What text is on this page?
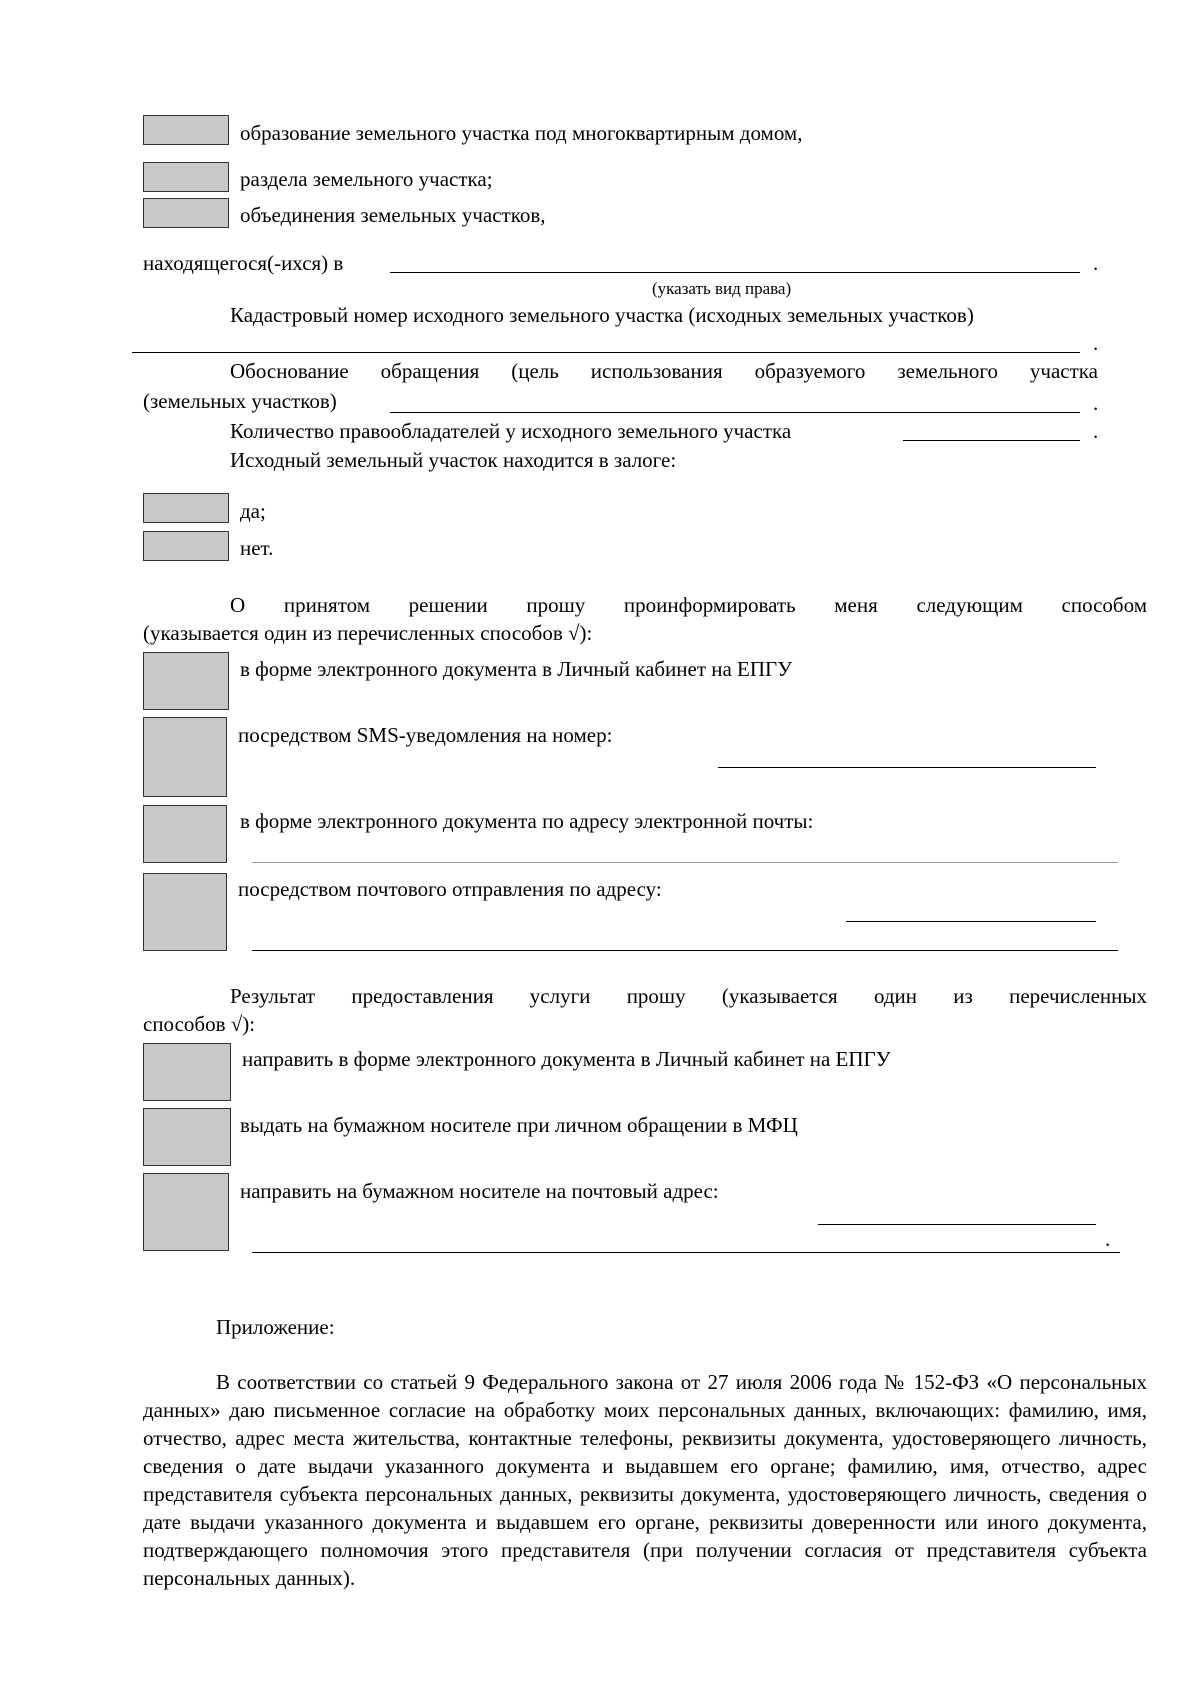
образование земельного участка под многоквартирным домом,
раздела земельного участка;
объединения земельных участков,
находящегося(-ихся) в	.
(указать вид права)
Кадастровый номер исходного земельного участка (исходных земельных участков)
.
Обоснование обращения (цель использования образуемого земельного участка
(земельных участков)	.
Количество правообладателей у исходного земельного участка	.
Исходный земельный участок находится в залоге:
да;
нет.
О принятом решении прошу проинформировать меня следующим способом
(указывается один из перечисленных способов √):
в форме электронного документа в Личный кабинет на ЕПГУ
посредством SMS-уведомления на номер:
в форме электронного документа по адресу электронной почты:
посредством почтового отправления по адресу:
Результат предоставления услуги прошу (указывается один из перечисленных
способов √):
направить в форме электронного документа в Личный кабинет на ЕПГУ
выдать на бумажном носителе при личном обращении в МФЦ
направить на бумажном носителе на почтовый адрес:
.
Приложение:
В соответствии со статьей 9 Федерального закона от 27 июля 2006 года № 152-ФЗ «О персональных данных» даю письменное согласие на обработку моих персональных данных, включающих: фамилию, имя, отчество, адрес места жительства, контактные телефоны, реквизиты документа, удостоверяющего личность, сведения о дате выдачи указанного документа и выдавшем его органе; фамилию, имя, отчество, адрес представителя субъекта персональных данных, реквизиты документа, удостоверяющего личность, сведения о дате выдачи указанного документа и выдавшем его органе, реквизиты доверенности или иного документа, подтверждающего полномочия этого представителя (при получении согласия от представителя субъекта персональных данных).
